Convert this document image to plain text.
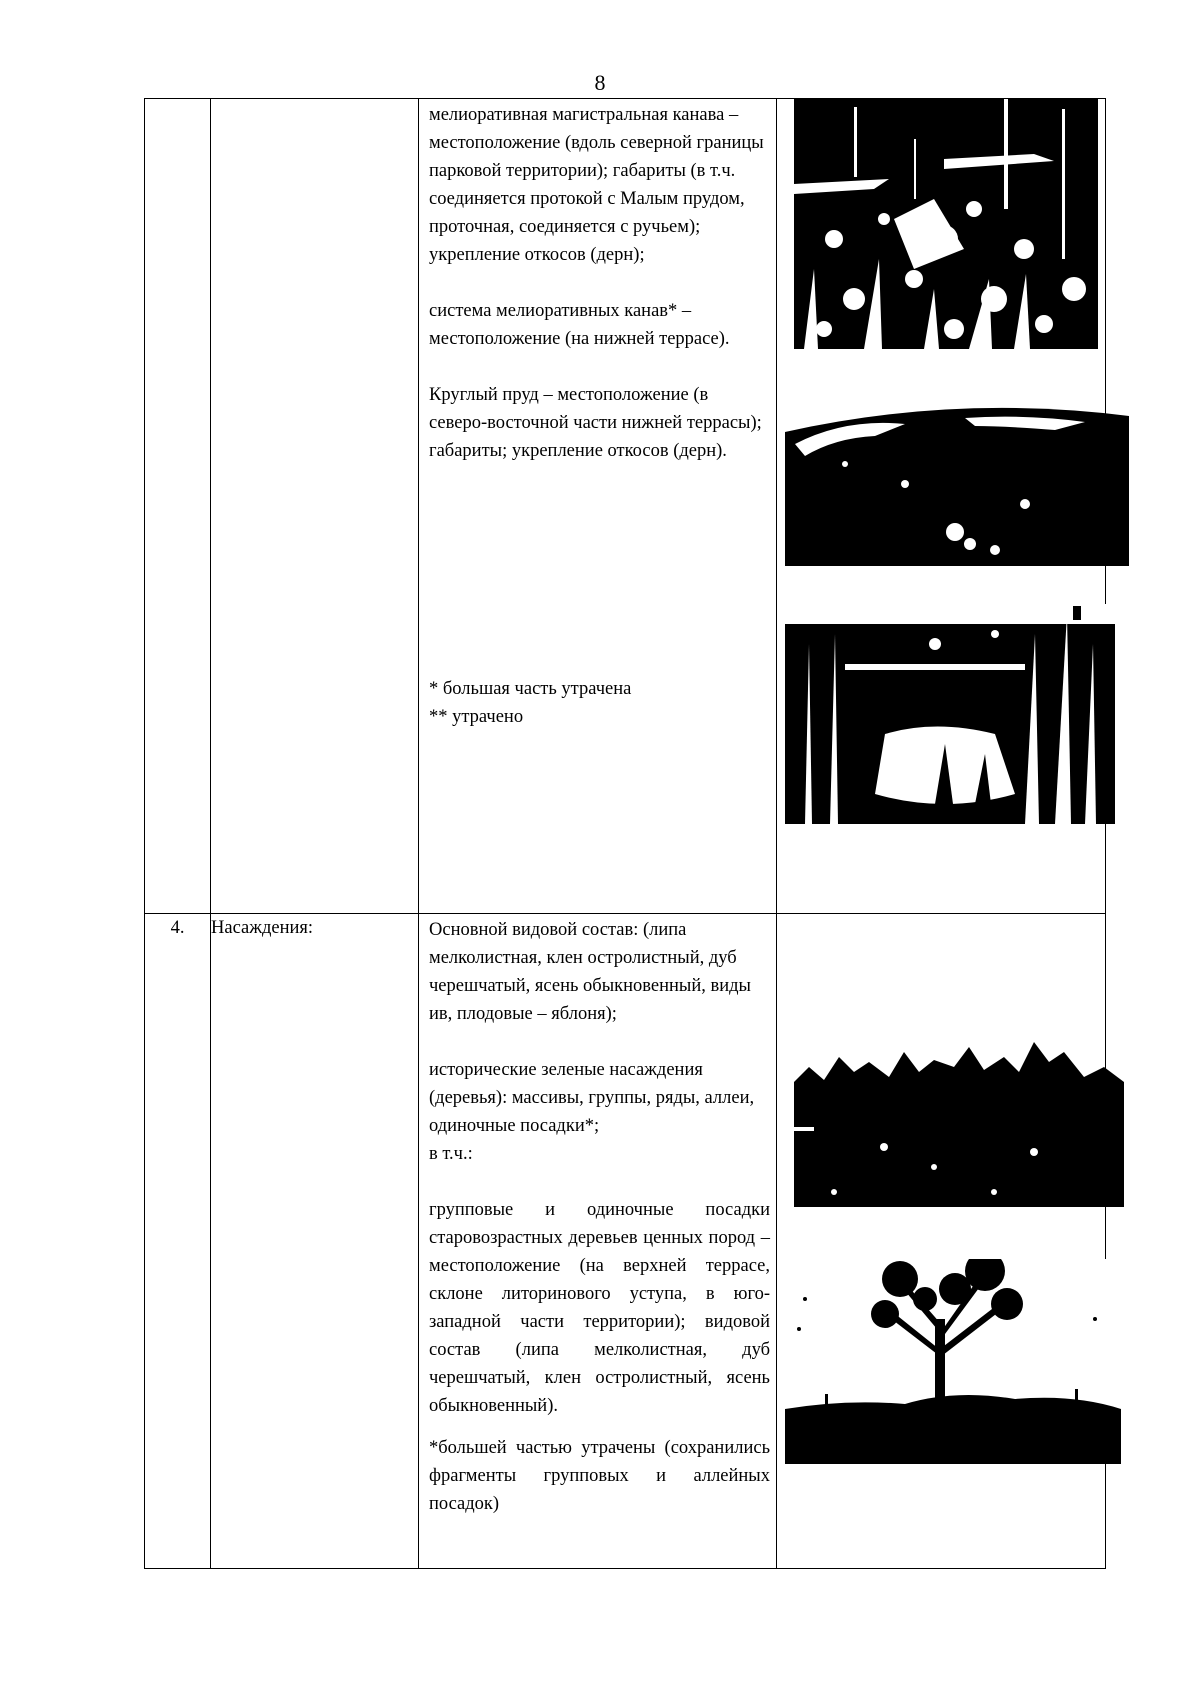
8

		мелиоративная магистральная канава – местоположение (вдоль северной границы парковой территории); габариты (в т.ч. соединяется протокой с Малым прудом, проточная, соединяется с ручьем); укрепление откосов (дерн);

система мелиоративных канав* – местоположение (на нижней террасе).

Круглый пруд – местоположение (в северо-восточной части нижней террасы); габариты; укрепление откосов (дерн).

* большая часть утрачена

** утрачено

4.	Насаждения:	Основной видовой состав: (липа мелколистная, клен остролистный, дуб черешчатый, ясень обыкновенный, виды ив, плодовые – яблоня);

исторические зеленые насаждения (деревья): массивы, группы, ряды, аллеи, одиночные посадки*;

в т.ч.:

групповые и одиночные посадки старовозрастных деревьев ценных пород – местоположение (на верхней террасе, склоне литоринового уступа, в юго-западной части территории); видовой состав (липа мелколистная, дуб черешчатый, клен остролистный, ясень обыкновенный).

*большей частью утрачены (сохранились фрагменты групповых и аллейных посадок)
